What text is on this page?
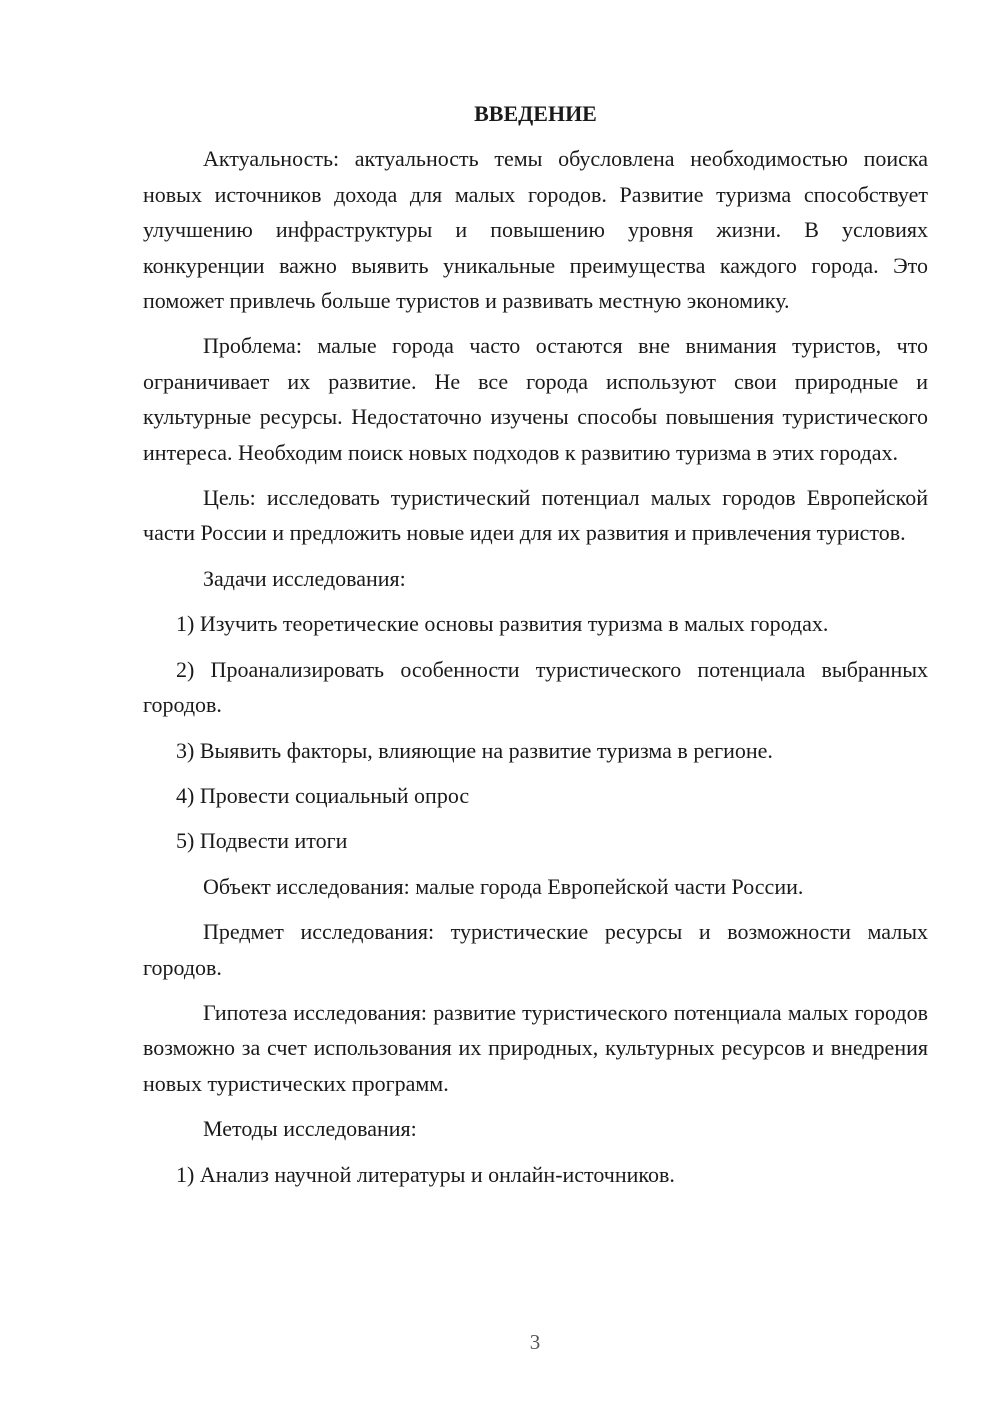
ВВЕДЕНИЕ

Актуальность: актуальность темы обусловлена необходимостью поиска новых источников дохода для малых городов. Развитие туризма способствует улучшению инфраструктуры и повышению уровня жизни. В условиях конкуренции важно выявить уникальные преимущества каждого города. Это поможет привлечь больше туристов и развивать местную экономику.

Проблема: малые города часто остаются вне внимания туристов, что ограничивает их развитие. Не все города используют свои природные и культурные ресурсы. Недостаточно изучены способы повышения туристического интереса. Необходим поиск новых подходов к развитию туризма в этих городах.

Цель: исследовать туристический потенциал малых городов Европейской части России и предложить новые идеи для их развития и привлечения туристов.

Задачи исследования:

1) Изучить теоретические основы развития туризма в малых городах.

2) Проанализировать особенности туристического потенциала выбранных городов.

3) Выявить факторы, влияющие на развитие туризма в регионе.

4) Провести социальный опрос

5) Подвести итоги

Объект исследования: малые города Европейской части России.

Предмет исследования: туристические ресурсы и возможности малых городов.

Гипотеза исследования: развитие туристического потенциала малых городов возможно за счет использования их природных, культурных ресурсов и внедрения новых туристических программ.

Методы исследования:

1) Анализ научной литературы и онлайн-источников.

3
